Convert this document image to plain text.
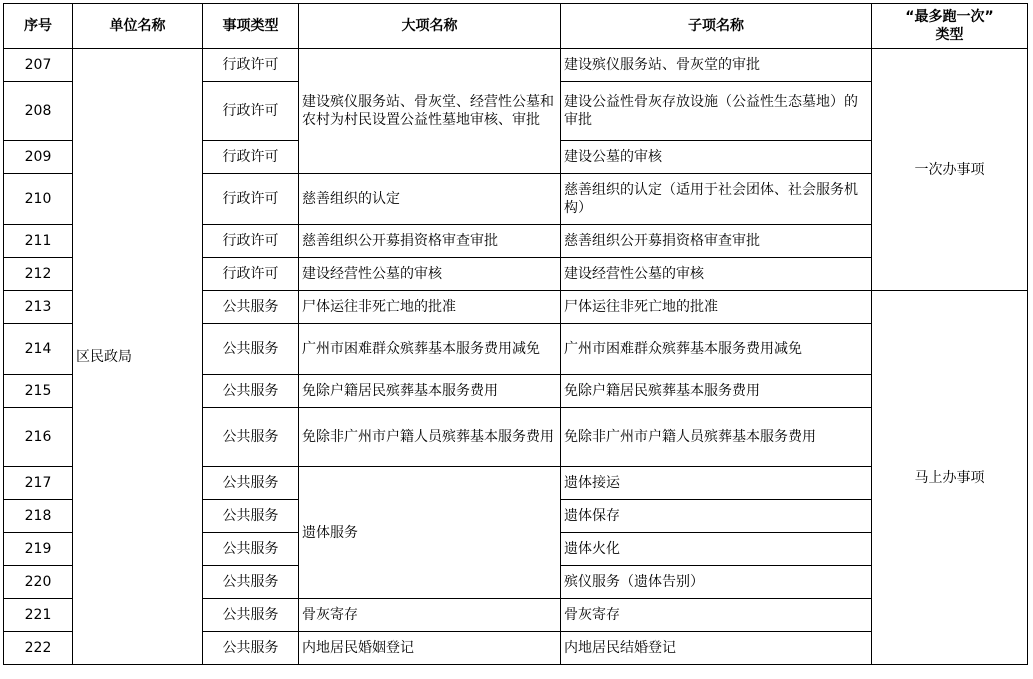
序号	单位名称	事项类型	大项名称	子项名称	“最多跑一次”
类型

207	区民政局	行政许可	建设殡仪服务站、骨灰堂、经营性公墓和农村为村民设置公益性墓地审核、审批	建设殡仪服务站、骨灰堂的审批	一次办事项
208		行政许可		建设公益性骨灰存放设施（公益性生态墓地）的审批	
209		行政许可		建设公墓的审核	
210		行政许可	慈善组织的认定	慈善组织的认定（适用于社会团体、社会服务机构）	
211		行政许可	慈善组织公开募捐资格审查审批	慈善组织公开募捐资格审查审批	
212		行政许可	建设经营性公墓的审核	建设经营性公墓的审核	
213		公共服务	尸体运往非死亡地的批准	尸体运往非死亡地的批准	马上办事项
214		公共服务	广州市困难群众殡葬基本服务费用减免	广州市困难群众殡葬基本服务费用减免	
215		公共服务	免除户籍居民殡葬基本服务费用	免除户籍居民殡葬基本服务费用	
216		公共服务	免除非广州市户籍人员殡葬基本服务费用	免除非广州市户籍人员殡葬基本服务费用	
217		公共服务	遗体服务	遗体接运	
218		公共服务		遗体保存	
219		公共服务		遗体火化	
220		公共服务		殡仪服务（遗体告别）	
221		公共服务	骨灰寄存	骨灰寄存	
222		公共服务	内地居民婚姻登记	内地居民结婚登记	
